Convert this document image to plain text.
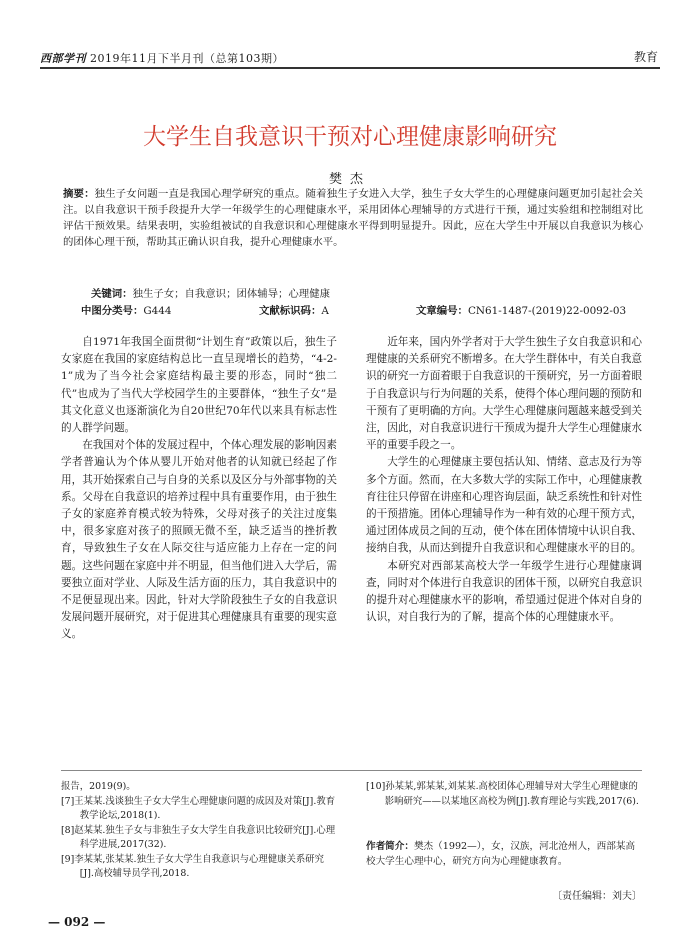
西部学刊 2019年11月下半月刊（总第103期）	教育
大学生自我意识干预对心理健康影响研究
樊杰
摘要：独生子女问题一直是我国心理学研究的重点。随着独生子女进入大学，独生子女大学生的心理健康问题更加引起社会关注。以自我意识干预手段提升大学一年级学生的心理健康水平，采用团体心理辅导的方式进行干预，通过实验组和控制组对比评估干预效果。结果表明，实验组被试的自我意识和心理健康水平得到明显提升。因此，应在大学生中开展以自我意识为核心的团体心理干预，帮助其正确认识自我，提升心理健康水平。
关键词：独生子女；自我意识；团体辅导；心理健康
中图分类号：G444	文献标识码：A	文章编号：CN61-1487-(2019)22-0092-03

自1971年我国全面贯彻“计划生育”政策以后，独生子女家庭在我国的家庭结构总比一直呈现增长的趋势，“4-2-1”成为了当今社会家庭结构最主要的形态，同时“独二代”也成为了当代大学校园学生的主要群体，“独生子女”是其文化意义也逐渐演化为自20世纪70年代以来具有标志性的人群学问题。

在我国对个体的发展过程中，个体心理发展的影响因素学者普遍认为个体从婴儿开始对他者的认知就已经起了作用，其开始探索自己与自身的关系以及区分与外部事物的关系。父母在自我意识的培养过程中具有重要作用，由于独生子女的家庭养育模式较为特殊，父母对孩子的关注过度集中，很多家庭对孩子的照顾无微不至，缺乏适当的挫折教育，导致独生子女在人际交往与适应能力上存在一定的问题。这些问题在家庭中并不明显，但当他们进入大学后，需要独立面对学业、人际及生活方面的压力，其自我意识中的不足便显现出来。因此，针对大学阶段独生子女的自我意识发展问题开展研究，对于促进其心理健康具有重要的现实意义。

近年来，国内外学者对于大学生独生子女自我意识和心理健康的关系研究不断增多。在大学生群体中，有关自我意识的研究一方面着眼于自我意识的干预研究，另一方面着眼于自我意识与行为问题的关系，使得个体心理问题的预防和干预有了更明确的方向。大学生心理健康问题越来越受到关注，因此，对自我意识进行干预成为提升大学生心理健康水平的重要手段之一。

大学生的心理健康主要包括认知、情绪、意志及行为等多个方面。然而，在大多数大学的实际工作中，心理健康教育往往只停留在讲座和心理咨询层面，缺乏系统性和针对性的干预措施。团体心理辅导作为一种有效的心理干预方式，通过团体成员之间的互动，使个体在团体情境中认识自我、接纳自我，从而达到提升自我意识和心理健康水平的目的。

本研究对西部某高校大学一年级学生进行心理健康调查，同时对个体进行自我意识的团体干预，以研究自我意识的提升对心理健康水平的影响，希望通过促进个体对自身的认识，对自我行为的了解，提高个体的心理健康水平。

报告，2019(9)。

[7]王某某.浅谈独生子女大学生心理健康问题的成因及对策[J].教育教学论坛,2018(1).

[8]赵某某.独生子女与非独生子女大学生自我意识比较研究[J].心理科学进展,2017(32).

[9]李某某,张某某.独生子女大学生自我意识与心理健康关系研究[J].高校辅导员学刊,2018.

[10]孙某某,郭某某,刘某某.高校团体心理辅导对大学生心理健康的影响研究——以某地区高校为例[J].教育理论与实践,2017(6).

作者简介：樊杰（1992—），女，汉族，河北沧州人，西部某高校大学生心理中心，研究方向为心理健康教育。
〔责任编辑：刘夫〕
— 092 —
